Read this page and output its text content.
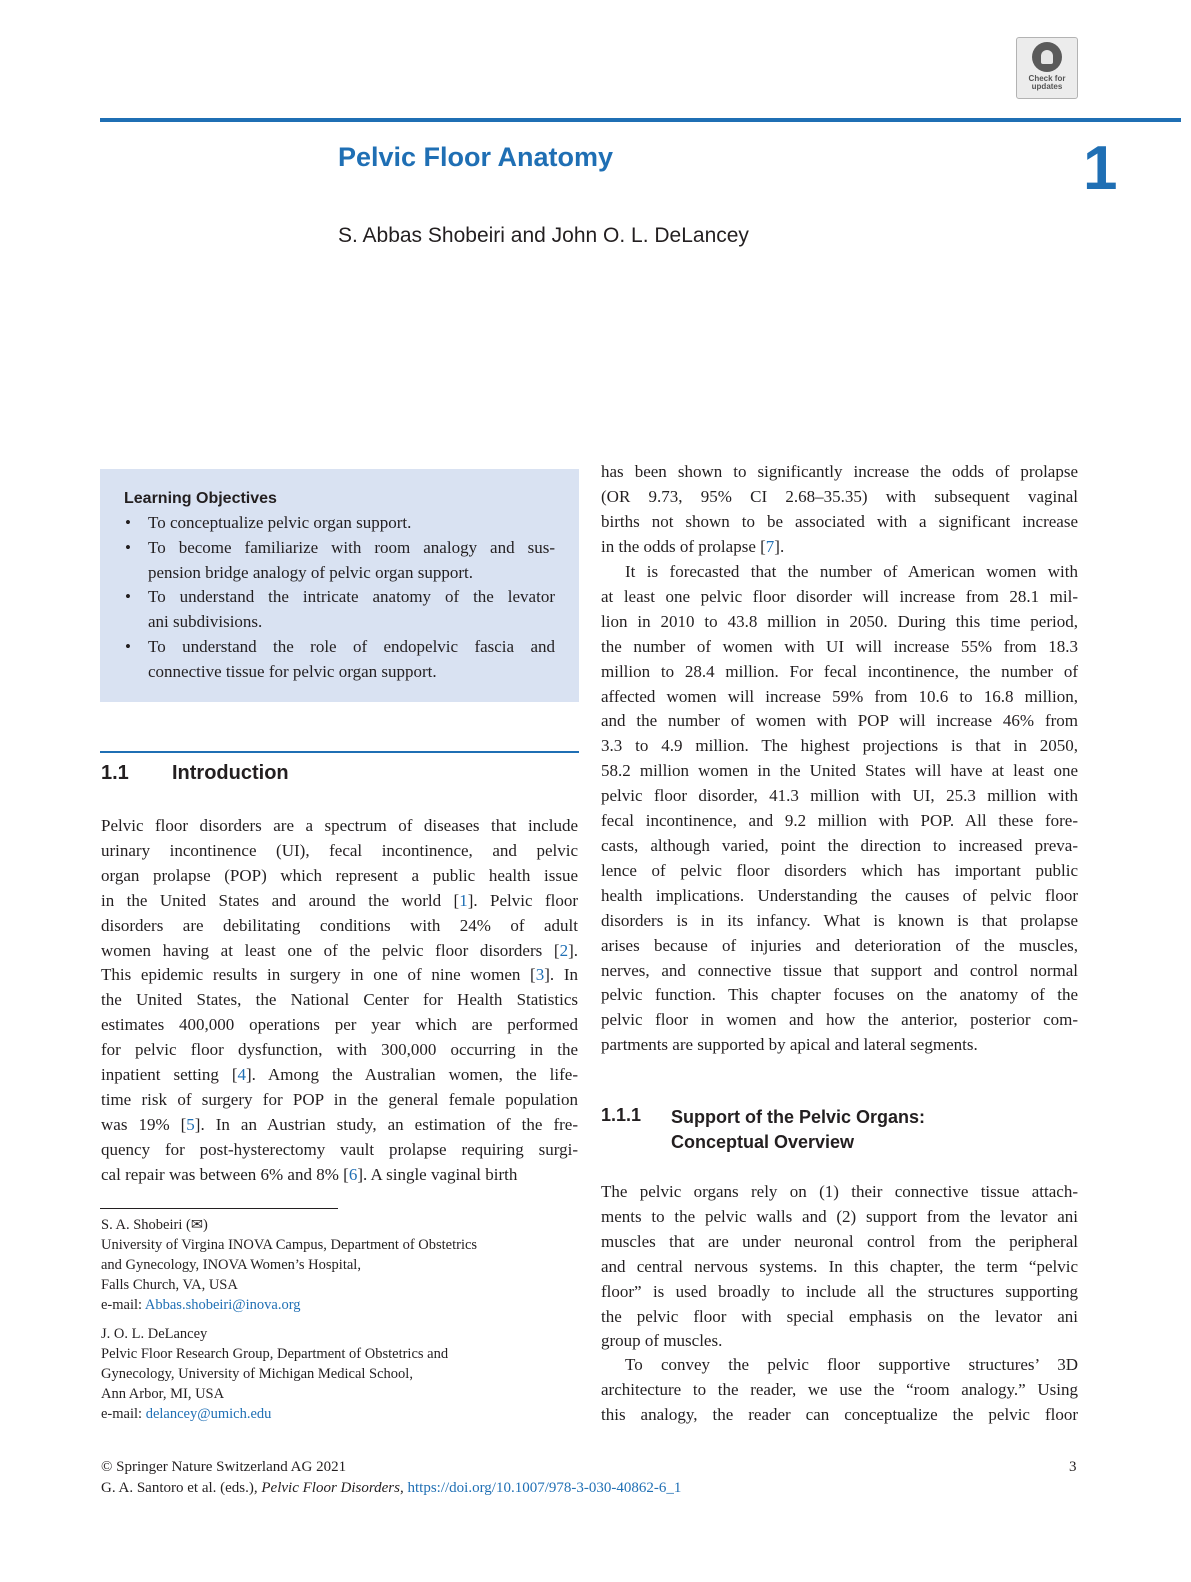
Check for
updates
Pelvic Floor Anatomy	1
S. Abbas Shobeiri and John O. L. DeLancey
Learning Objectives
• To conceptualize pelvic organ support.
• To become familiarize with room analogy and sus-
pension bridge analogy of pelvic organ support.
• To understand the intricate anatomy of the levator
ani subdivisions.
• To understand the role of endopelvic fascia and
connective tissue for pelvic organ support.
1.1 Introduction
Pelvic floor disorders are a spectrum of diseases that include
urinary incontinence (UI), fecal incontinence, and pelvic
organ prolapse (POP) which represent a public health issue
in the United States and around the world [1]. Pelvic floor
disorders are debilitating conditions with 24% of adult
women having at least one of the pelvic floor disorders [2].
This epidemic results in surgery in one of nine women [3]. In
the United States, the National Center for Health Statistics
estimates 400,000 operations per year which are performed
for pelvic floor dysfunction, with 300,000 occurring in the
inpatient setting [4]. Among the Australian women, the life-
time risk of surgery for POP in the general female population
was 19% [5]. In an Austrian study, an estimation of the fre-
quency for post-hysterectomy vault prolapse requiring surgi-
cal repair was between 6% and 8% [6]. A single vaginal birth
has been shown to significantly increase the odds of prolapse
(OR 9.73, 95% CI 2.68–35.35) with subsequent vaginal
births not shown to be associated with a significant increase
in the odds of prolapse [7].
It is forecasted that the number of American women with
at least one pelvic floor disorder will increase from 28.1 mil-
lion in 2010 to 43.8 million in 2050. During this time period,
the number of women with UI will increase 55% from 18.3
million to 28.4 million. For fecal incontinence, the number of
affected women will increase 59% from 10.6 to 16.8 million,
and the number of women with POP will increase 46% from
3.3 to 4.9 million. The highest projections is that in 2050,
58.2 million women in the United States will have at least one
pelvic floor disorder, 41.3 million with UI, 25.3 million with
fecal incontinence, and 9.2 million with POP. All these fore-
casts, although varied, point the direction to increased preva-
lence of pelvic floor disorders which has important public
health implications. Understanding the causes of pelvic floor
disorders is in its infancy. What is known is that prolapse
arises because of injuries and deterioration of the muscles,
nerves, and connective tissue that support and control normal
pelvic function. This chapter focuses on the anatomy of the
pelvic floor in women and how the anterior, posterior com-
partments are supported by apical and lateral segments.
1.1.1 Support of the Pelvic Organs:
Conceptual Overview
The pelvic organs rely on (1) their connective tissue attach-
ments to the pelvic walls and (2) support from the levator ani
muscles that are under neuronal control from the peripheral
and central nervous systems. In this chapter, the term “pelvic
floor” is used broadly to include all the structures supporting
the pelvic floor with special emphasis on the levator ani
group of muscles.
To convey the pelvic floor supportive structures’ 3D
architecture to the reader, we use the “room analogy.” Using
this analogy, the reader can conceptualize the pelvic floor
S. A. Shobeiri (✉)
University of Virgina INOVA Campus, Department of Obstetrics
and Gynecology, INOVA Women’s Hospital,
Falls Church, VA, USA
e-mail: Abbas.shobeiri@inova.org
J. O. L. DeLancey
Pelvic Floor Research Group, Department of Obstetrics and
Gynecology, University of Michigan Medical School,
Ann Arbor, MI, USA
e-mail: delancey@umich.edu
© Springer Nature Switzerland AG 2021
G. A. Santoro et al. (eds.), Pelvic Floor Disorders, https://doi.org/10.1007/978-3-030-40862-6_1
3
